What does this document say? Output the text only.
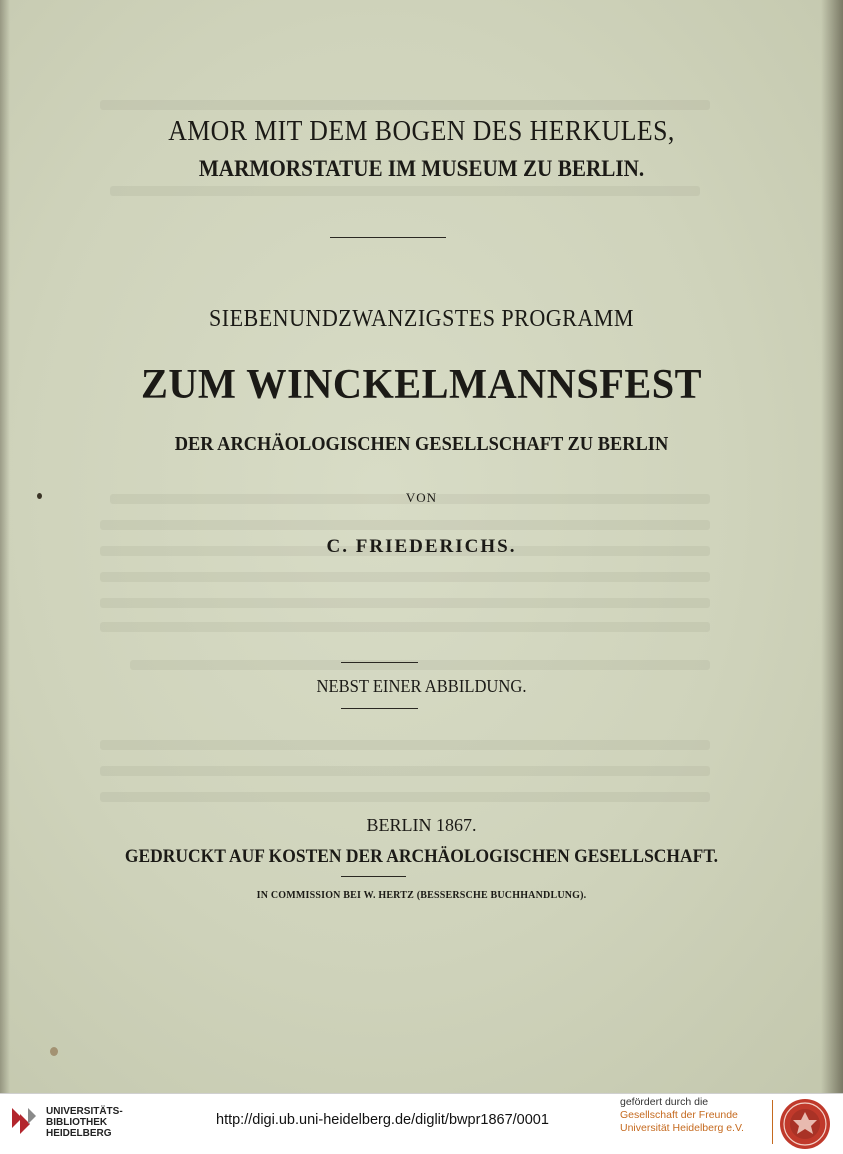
AMOR MIT DEM BOGEN DES HERKULES,
MARMORSTATUE IM MUSEUM ZU BERLIN.
SIEBENUNDZWANZIGSTES PROGRAMM
ZUM WINCKELMANNSFEST
DER ARCHÄOLOGISCHEN GESELLSCHAFT ZU BERLIN
VON
C. FRIEDERICHS.
NEBST EINER ABBILDUNG.
BERLIN 1867.
GEDRUCKT AUF KOSTEN DER ARCHÄOLOGISCHEN GESELLSCHAFT.
IN COMMISSION BEI W. HERTZ (BESSERSCHE BUCHHANDLUNG).
UNIVERSITÄTS-
BIBLIOTHEK
HEIDELBERG
http://digi.ub.uni-heidelberg.de/diglit/bwpr1867/0001
gefördert durch die
Gesellschaft der Freunde
Universität Heidelberg e.V.
